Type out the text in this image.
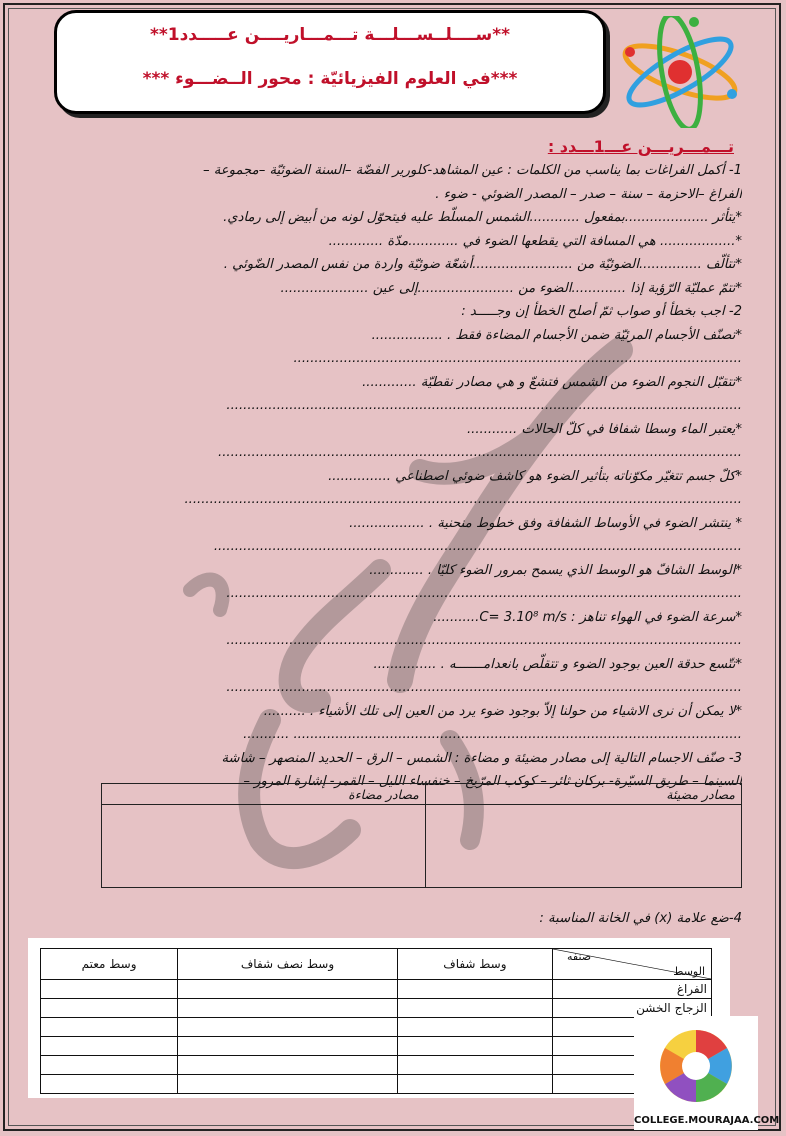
**ســــلــســـلـــة تـــمـــاريــــن عـــــدد1**
***في العلوم الفيزيائيّة : محور الــضـــوء ***
تـــمـــريـــن عـــ1ـــدد :
1- أكمل الفراغات بما يناسب من الكلمات : عين المشاهد-كلورير الفضّة –السنة الضوئيّة –مجموعة –
الفراغ –الاحزمة – سنة – صدر – المصدر الضوئي - ضوء .
*يتأثر ....................بمفعول ............الشمس المسلّط عليه فيتحوّل لونه من أبيض إلى رمادي.
*.................. هي المسافة التي يقطعها الضوء في ............مدّة .............
*تتألّف ...............الضوئيّة من ........................أشعّة ضوئيّة واردة من نفس المصدر الضّوئي .
*تتمّ عمليّة الرّؤية إذا .............الضوء من .......................إلى عين .....................
2- اجب بخطأ أو صواب ثمّ أصلح الخطأ إن وجـــــد :
*تصنّف الأجسام المرئيّة ضمن الأجسام المضاءة فقط . .................
...........................................................................................................
*تتقبّل النجوم الضوء من الشمس فتشعّ و هي مصادر نقطيّة .............
...........................................................................................................................
*يعتبر الماء وسطا شفافا في كلّ الحالات ............
.............................................................................................................................
*كلّ جسم تتغيّر مكوّناته بتأثير الضوء هو كاشف ضوئي اصطناعي ...............
.....................................................................................................................................
* ينتشر الضوء في الأوساط الشفافة وفق خطوط منحنية . ..................
..............................................................................................................................
*الوسط الشافّ هو الوسط الذي يسمح بمرور الضوء كليّا . .............
...........................................................................................................................
*سرعة الضوء في الهواء تناهز : C= 3.10⁸ m/s...........
...........................................................................................................................
*تتّسع حدقة العين بوجود الضوء و تتقلّص بانعدامـــــــه . ...............
...........................................................................................................................
*لا يمكن أن نرى الاشياء من حولنا إلاّ بوجود ضوء يرد من العين إلى تلك الأشياء . ..........
........................................................................................................... ...........
3- صنّف الاجسام التالية إلى مصادر مضيئة و مضاءة : الشمس – الرق – الحديد المنصهر – شاشة
السينما – طريق السيّرة- بركان ثائر – كوكب المرّيخ – خنفساء الليل – القمر- إشارة المرور –
مصادر مضيئة	مصادر مضاءة

4-ضع علامة (x) في الخانة المناسبة :
صنفه
الوسط	وسط شفاف	وسط نصف شفاف	وسط معتم
الفراغ			
الزجاج الخشن			

COLLEGE.MOURAJAA.COM
